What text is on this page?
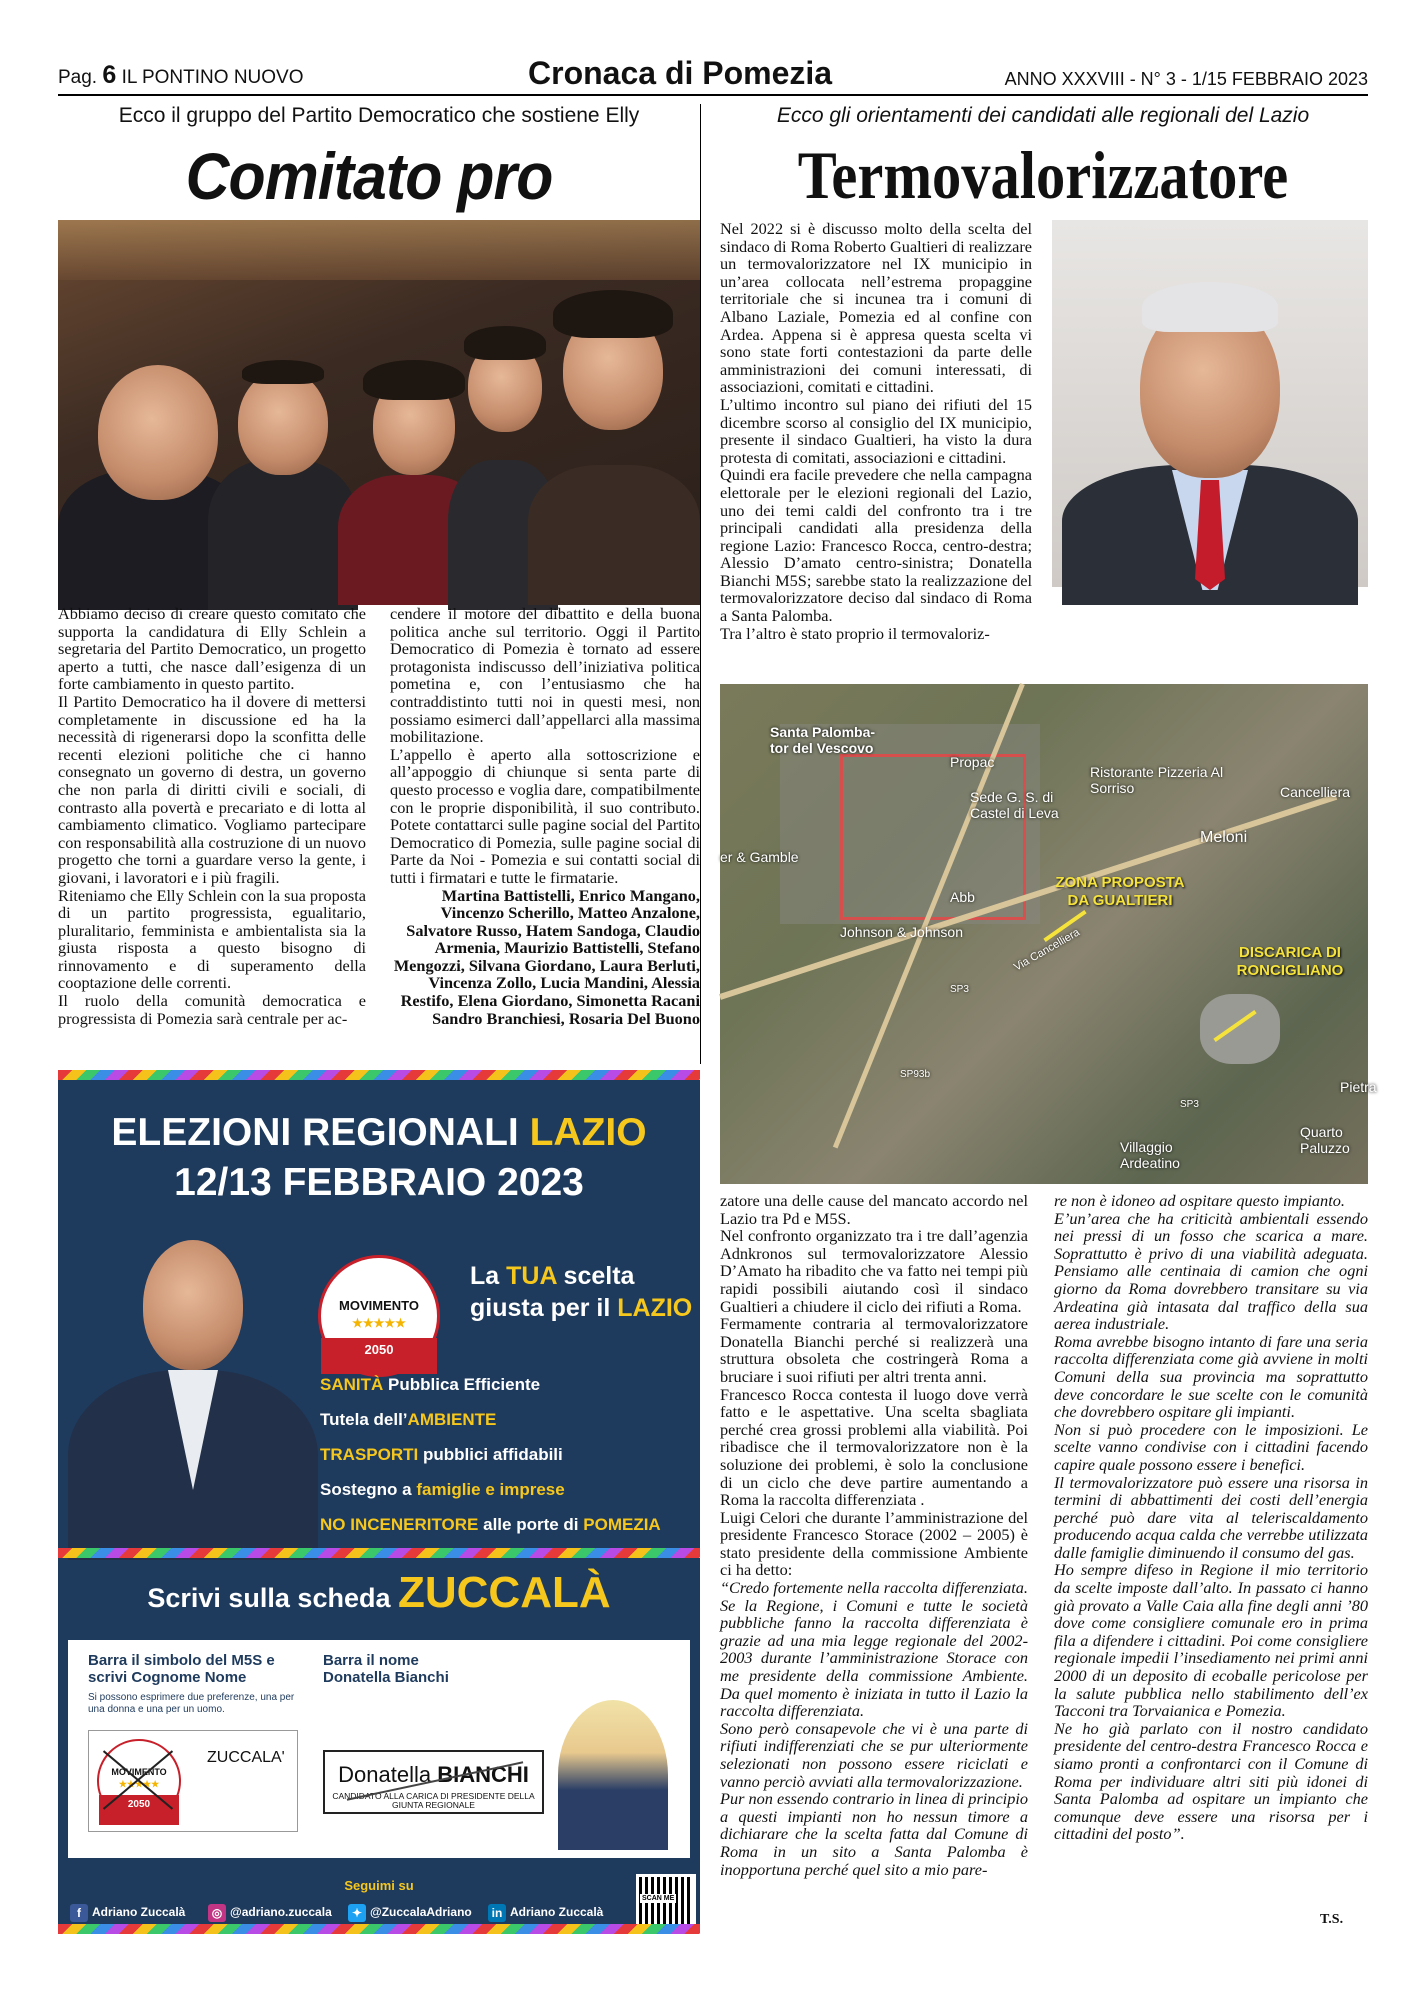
Pag. 6 IL PONTINO NUOVO	Cronaca di Pomezia	ANNO XXXVIII - N° 3 - 1/15 FEBBRAIO 2023
Ecco il gruppo del Partito Democratico che sostiene Elly
Comitato pro
Ecco gli orientamenti dei candidati alle regionali del Lazio
Termovalorizzatore

Abbiamo deciso di creare questo comitato che supporta la candidatura di Elly Schlein a segretaria del Partito Democratico, un progetto aperto a tutti, che nasce dall’esigenza di un forte cambiamento in questo partito.

Il Partito Democratico ha il dovere di mettersi completamente in discussione ed ha la necessità di rigenerarsi dopo la sconfitta delle recenti elezioni politiche che ci hanno consegnato un governo di destra, un governo che non parla di diritti civili e sociali, di contrasto alla povertà e precariato e di lotta al cambiamento climatico. Vogliamo partecipare con responsabilità alla costruzione di un nuovo progetto che torni a guardare verso la gente, i giovani, i lavoratori e i più fragili.

Riteniamo che Elly Schlein con la sua proposta di un partito progressista, egualitario, pluralitario, femminista e ambientalista sia la giusta risposta a questo bisogno di rinnovamento e di superamento della cooptazione delle correnti.

Il ruolo della comunità democratica e progressista di Pomezia sarà centrale per ac-

cendere il motore del dibattito e della buona politica anche sul territorio. Oggi il Partito Democratico di Pomezia è tornato ad essere protagonista indiscusso dell’iniziativa politica pometina e, con l’entusiasmo che ha contraddistinto tutti noi in questi mesi, non possiamo esimerci dall’appellarci alla massima mobilitazione.

L’appello è aperto alla sottoscrizione e all’appoggio di chiunque si senta parte di questo processo e voglia dare, compatibilmente con le proprie disponibilità, il suo contributo. Potete contattarci sulle pagine social del Partito Democratico di Pomezia, sulle pagine social di Parte da Noi - Pomezia e sui contatti social di tutti i firmatari e tutte le firmatarie.

Martina Battistelli, Enrico Mangano, Vincenzo Scherillo, Matteo Anzalone, Salvatore Russo, Hatem Sandoga, Claudio Armenia, Maurizio Battistelli, Stefano Mengozzi, Silvana Giordano, Laura Berluti, Vincenza Zollo, Lucia Mandini, Alessia Restifo, Elena Giordano, Simonetta Racani Sandro Branchiesi, Rosaria Del Buono

Nel 2022 si è discusso molto della scelta del sindaco di Roma Roberto Gualtieri di realizzare un termovalorizzatore nel IX municipio in un’area collocata nell’estrema propaggine territoriale che si incunea tra i comuni di Albano Laziale, Pomezia ed al confine con Ardea. Appena si è appresa questa scelta vi sono state forti contestazioni da parte delle amministrazioni dei comuni interessati, di associazioni, comitati e cittadini.

L’ultimo incontro sul piano dei rifiuti del 15 dicembre scorso al consiglio del IX municipio, presente il sindaco Gualtieri, ha visto la dura protesta di comitati, associazioni e cittadini.

Quindi era facile prevedere che nella campagna elettorale per le elezioni regionali del Lazio, uno dei temi caldi del confronto tra i tre principali candidati alla presidenza della regione Lazio: Francesco Rocca, centro-destra; Alessio D’amato centro-sinistra; Donatella Bianchi M5S; sarebbe stato la realizzazione del termovalorizzatore deciso dal sindaco di Roma a Santa Palomba.

Tra l’altro è stato proprio il termovaloriz-

Santa Palomba-tor del Vescovo
Propac
Ristorante Pizzeria Al Sorriso	Cancelliera
Sede G. S. di Castel di Leva
Meloni
er & Gamble
Abb
Johnson & Johnson	Via Cancelliera
SP3
Pietra
Quarto Paluzzo
Villaggio Ardeatino
SP3
SP93b
ZONA PROPOSTA DA GUALTIERI
DISCARICA DI RONCIGLIANO

zatore una delle cause del mancato accordo nel Lazio tra Pd e M5S.

Nel confronto organizzato tra i tre dall’agenzia Adnkronos sul termovalorizzatore Alessio D’Amato ha ribadito che va fatto nei tempi più rapidi possibili aiutando così il sindaco Gualtieri a chiudere il ciclo dei rifiuti a Roma.

Fermamente contraria al termovalorizzatore Donatella Bianchi perché si realizzerà una struttura obsoleta che costringerà Roma a bruciare i suoi rifiuti per altri trenta anni.

Francesco Rocca contesta il luogo dove verrà fatto e le aspettative. Una scelta sbagliata perché crea grossi problemi alla viabilità. Poi ribadisce che il termovalorizzatore non è la soluzione dei problemi, è solo la conclusione di un ciclo che deve partire aumentando a Roma la raccolta differenziata .

Luigi Celori che durante l’amministrazione del presidente Francesco Storace (2002 – 2005) è stato presidente della commissione Ambiente ci ha detto:

“Credo fortemente nella raccolta differenziata. Se la Regione, i Comuni e tutte le società pubbliche fanno la raccolta differenziata è grazie ad una mia legge regionale del 2002-2003 durante l’amministrazione Storace con me presidente della commissione Ambiente. Da quel momento è iniziata in tutto il Lazio la raccolta differenziata.

Sono però consapevole che vi è una parte di rifiuti indifferenziati che se pur ulteriormente selezionati non possono essere riciclati e vanno perciò avviati alla termovalorizzazione.

Pur non essendo contrario in linea di principio a questi impianti non ho nessun timore a dichiarare che la scelta fatta dal Comune di Roma in un sito a Santa Palomba è inopportuna perché quel sito a mio pare-

re non è idoneo ad ospitare questo impianto.

E’un’area che ha criticità ambientali essendo nei pressi di un fosso che scarica a mare. Soprattutto è privo di una viabilità adeguata. Pensiamo alle centinaia di camion che ogni giorno da Roma dovrebbero transitare su via Ardeatina già intasata dal traffico della sua aerea industriale.

Roma avrebbe bisogno intanto di fare una seria raccolta differenziata come già avviene in molti Comuni della sua provincia ma soprattutto deve concordare le sue scelte con le comunità che dovrebbero ospitare gli impianti.

Non si può procedere con le imposizioni. Le scelte vanno condivise con i cittadini facendo capire quale possono essere i benefici.

Il termovalorizzatore può essere una risorsa in termini di abbattimenti dei costi dell’energia perché può dare vita al teleriscaldamento producendo acqua calda che verrebbe utilizzata dalle famiglie diminuendo il consumo del gas.

Ho sempre difeso in Regione il mio territorio da scelte imposte dall’alto. In passato ci hanno già provato a Valle Caia alla fine degli anni ’80 dove come consigliere comunale ero in prima fila a difendere i cittadini. Poi come consigliere regionale impedii l’insediamento nei primi anni 2000 di un deposito di ecoballe pericolose per la salute pubblica nello stabilimento dell’ex Tacconi tra Torvaianica e Pomezia.

Ne ho già parlato con il nostro candidato presidente del centro-destra Francesco Rocca e siamo pronti a confrontarci con il Comune di Roma per individuare altri siti più idonei di Santa Palomba ad ospitare un impianto che comunque deve essere una risorsa per i cittadini del posto”.

T.S.
ELEZIONI REGIONALI LAZIO
12/13 FEBBRAIO 2023
MOVIMENTO
★★★★★
2050
La TUA scelta
giusta per il LAZIO
SANITÀ Pubblica Efficiente
Tutela dell’AMBIENTE
TRASPORTI pubblici affidabili
Sostegno a famiglie e imprese
NO INCENERITORE alle porte di POMEZIA
Scrivi sulla scheda ZUCCALÀ
Barra il simbolo del M5S e scrivi Cognome Nome
Barra il nome Donatella Bianchi
Si possono esprimere due preferenze, una per una donna e una per un uomo.
MOVIMENTO
★★★★★
2050
ZUCCALA'
Donatella BIANCHI
CANDIDATO ALLA CARICA DI PRESIDENTE DELLA GIUNTA REGIONALE
Committente responsabile: Adriano Zuccalà
Seguimi su
f Adriano Zuccalà	◎ @adriano.zuccala	✦ @ZuccalaAdriano	in Adriano Zuccalà
SCAN ME
